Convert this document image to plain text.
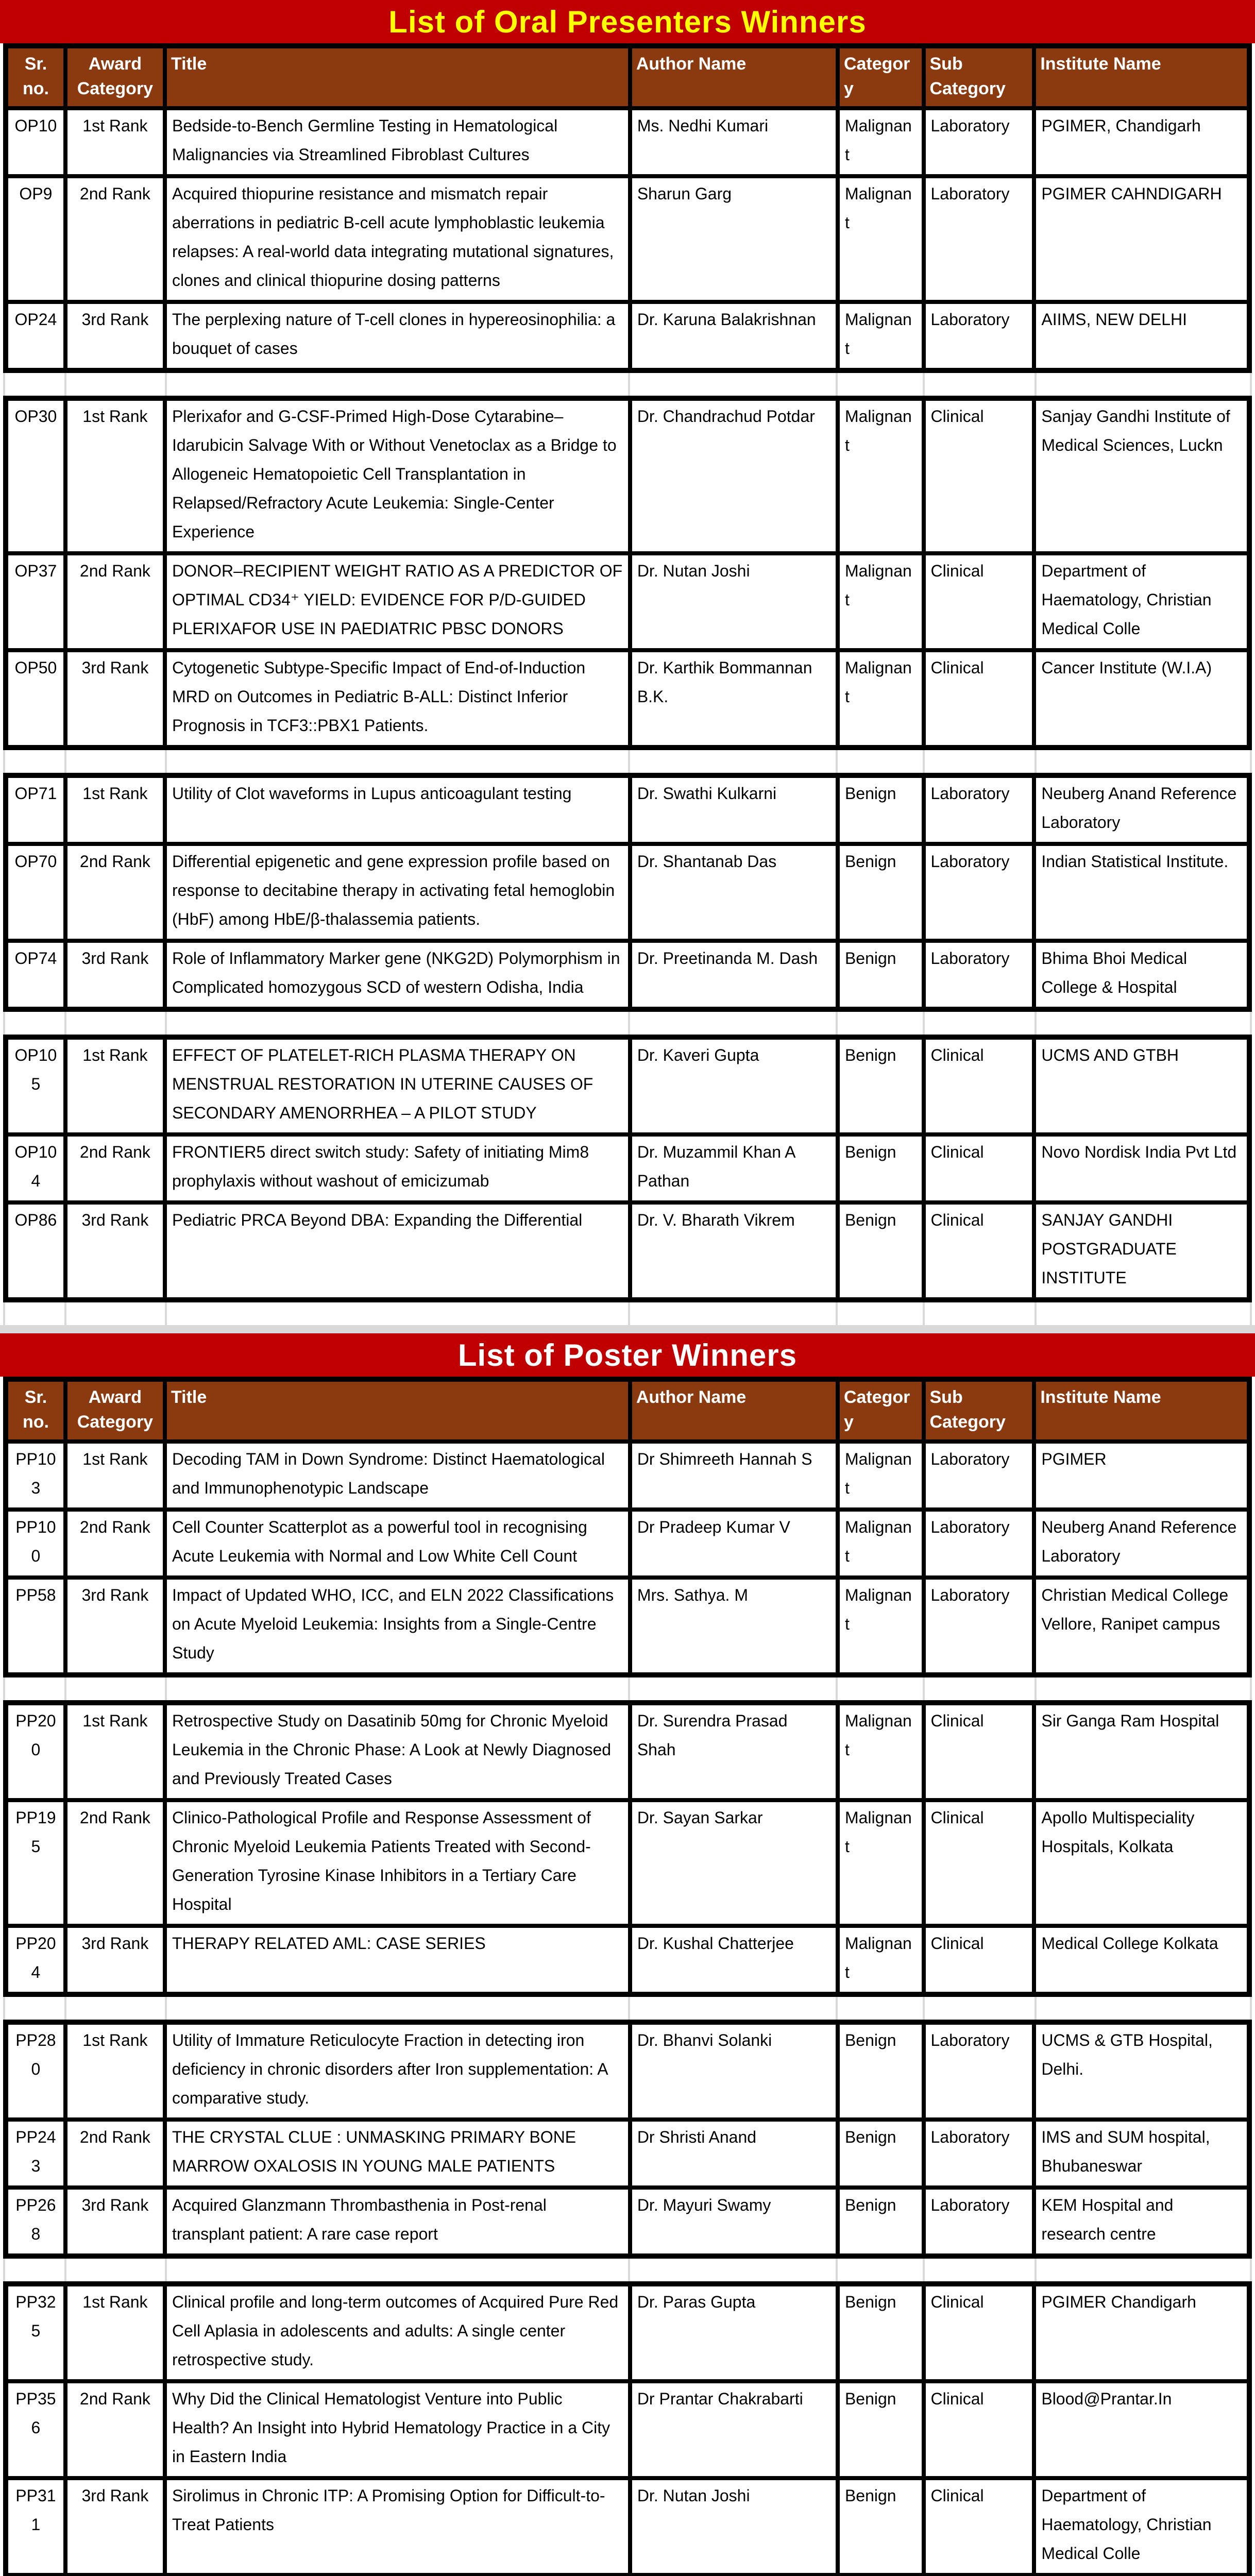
List of Oral Presenters Winners
Sr. no.	Award Category	Title	Author Name	Category	Sub Category	Institute Name
OP10	1st Rank	Bedside-to-Bench Germline Testing in Hematological Malignancies via Streamlined Fibroblast Cultures	Ms. Nedhi Kumari	Malignant	Laboratory	PGIMER, Chandigarh
OP9	2nd Rank	Acquired thiopurine resistance and mismatch repair aberrations in pediatric B-cell acute lymphoblastic leukemia relapses: A real-world data integrating mutational signatures, clones and clinical thiopurine dosing patterns	Sharun Garg	Malignant	Laboratory	PGIMER CAHNDIGARH
OP24	3rd Rank	The perplexing nature of T-cell clones in hypereosinophilia: a bouquet of cases	Dr. Karuna Balakrishnan	Malignant	Laboratory	AIIMS, NEW DELHI
OP30	1st Rank	Plerixafor and G-CSF-Primed High-Dose Cytarabine–Idarubicin Salvage With or Without Venetoclax as a Bridge to Allogeneic Hematopoietic Cell Transplantation in Relapsed/Refractory Acute Leukemia: Single-Center Experience	Dr. Chandrachud Potdar	Malignant	Clinical	Sanjay Gandhi Institute of Medical Sciences, Luckn
OP37	2nd Rank	DONOR–RECIPIENT WEIGHT RATIO AS A PREDICTOR OF OPTIMAL CD34⁺ YIELD: EVIDENCE FOR P/D-GUIDED PLERIXAFOR USE IN PAEDIATRIC PBSC DONORS	Dr. Nutan Joshi	Malignant	Clinical	Department of Haematology, Christian Medical Colle
OP50	3rd Rank	Cytogenetic Subtype-Specific Impact of End-of-Induction MRD on Outcomes in Pediatric B-ALL: Distinct Inferior Prognosis in TCF3::PBX1 Patients.	Dr. Karthik Bommannan B.K.	Malignant	Clinical	Cancer Institute (W.I.A)
OP71	1st Rank	Utility of Clot waveforms in Lupus anticoagulant testing	Dr. Swathi Kulkarni	Benign	Laboratory	Neuberg Anand Reference Laboratory
OP70	2nd Rank	Differential epigenetic and gene expression profile based on response to decitabine therapy in activating fetal hemoglobin (HbF) among HbE/β-thalassemia patients.	Dr. Shantanab Das	Benign	Laboratory	Indian Statistical Institute.
OP74	3rd Rank	Role of Inflammatory Marker gene (NKG2D) Polymorphism in Complicated homozygous SCD of western Odisha, India	Dr. Preetinanda M. Dash	Benign	Laboratory	Bhima Bhoi Medical College & Hospital
OP105	1st Rank	EFFECT OF PLATELET-RICH PLASMA THERAPY ON MENSTRUAL RESTORATION IN UTERINE CAUSES OF SECONDARY AMENORRHEA – A PILOT STUDY	Dr. Kaveri Gupta	Benign	Clinical	UCMS AND GTBH
OP104	2nd Rank	FRONTIER5 direct switch study: Safety of initiating Mim8 prophylaxis without washout of emicizumab	Dr. Muzammil Khan A Pathan	Benign	Clinical	Novo Nordisk India Pvt Ltd
OP86	3rd Rank	Pediatric PRCA Beyond DBA: Expanding the Differential	Dr. V. Bharath Vikrem	Benign	Clinical	SANJAY GANDHI POSTGRADUATE INSTITUTE
List of Poster Winners
Sr. no.	Award Category	Title	Author Name	Category	Sub Category	Institute Name
PP103	1st Rank	Decoding TAM in Down Syndrome: Distinct Haematological and Immunophenotypic Landscape	Dr Shimreeth Hannah S	Malignant	Laboratory	PGIMER
PP100	2nd Rank	Cell Counter Scatterplot as a powerful tool in recognising Acute Leukemia with Normal and Low White Cell Count	Dr Pradeep Kumar V	Malignant	Laboratory	Neuberg Anand Reference Laboratory
PP58	3rd Rank	Impact of Updated WHO, ICC, and ELN 2022 Classifications on Acute Myeloid Leukemia: Insights from a Single-Centre Study	Mrs. Sathya. M	Malignant	Laboratory	Christian Medical College Vellore, Ranipet campus
PP200	1st Rank	Retrospective Study on Dasatinib 50mg for Chronic Myeloid Leukemia in the Chronic Phase: A Look at Newly Diagnosed and Previously Treated Cases	Dr. Surendra Prasad Shah	Malignant	Clinical	Sir Ganga Ram Hospital
PP195	2nd Rank	Clinico-Pathological Profile and Response Assessment of Chronic Myeloid Leukemia Patients Treated with Second-Generation Tyrosine Kinase Inhibitors in a Tertiary Care Hospital	Dr. Sayan Sarkar	Malignant	Clinical	Apollo Multispeciality Hospitals, Kolkata
PP204	3rd Rank	THERAPY RELATED AML: CASE SERIES	Dr. Kushal Chatterjee	Malignant	Clinical	Medical College Kolkata
PP280	1st Rank	Utility of Immature Reticulocyte Fraction in detecting iron deficiency in chronic disorders after Iron supplementation: A comparative study.	Dr. Bhanvi Solanki	Benign	Laboratory	UCMS & GTB Hospital, Delhi.
PP243	2nd Rank	THE CRYSTAL CLUE : UNMASKING PRIMARY BONE MARROW OXALOSIS IN YOUNG MALE PATIENTS	Dr Shristi Anand	Benign	Laboratory	IMS and SUM hospital, Bhubaneswar
PP268	3rd Rank	Acquired Glanzmann Thrombasthenia in Post-renal transplant patient: A rare case report	Dr. Mayuri Swamy	Benign	Laboratory	KEM Hospital and research centre
PP325	1st Rank	Clinical profile and long-term outcomes of Acquired Pure Red Cell Aplasia in adolescents and adults: A single center retrospective study.	Dr. Paras Gupta	Benign	Clinical	PGIMER Chandigarh
PP356	2nd Rank	Why Did the Clinical Hematologist Venture into Public Health? An Insight into Hybrid Hematology Practice in a City in Eastern India	Dr Prantar Chakrabarti	Benign	Clinical	Blood@Prantar.In
PP311	3rd Rank	Sirolimus in Chronic ITP: A Promising Option for Difficult-to-Treat Patients	Dr. Nutan Joshi	Benign	Clinical	Department of Haematology, Christian Medical Colle
